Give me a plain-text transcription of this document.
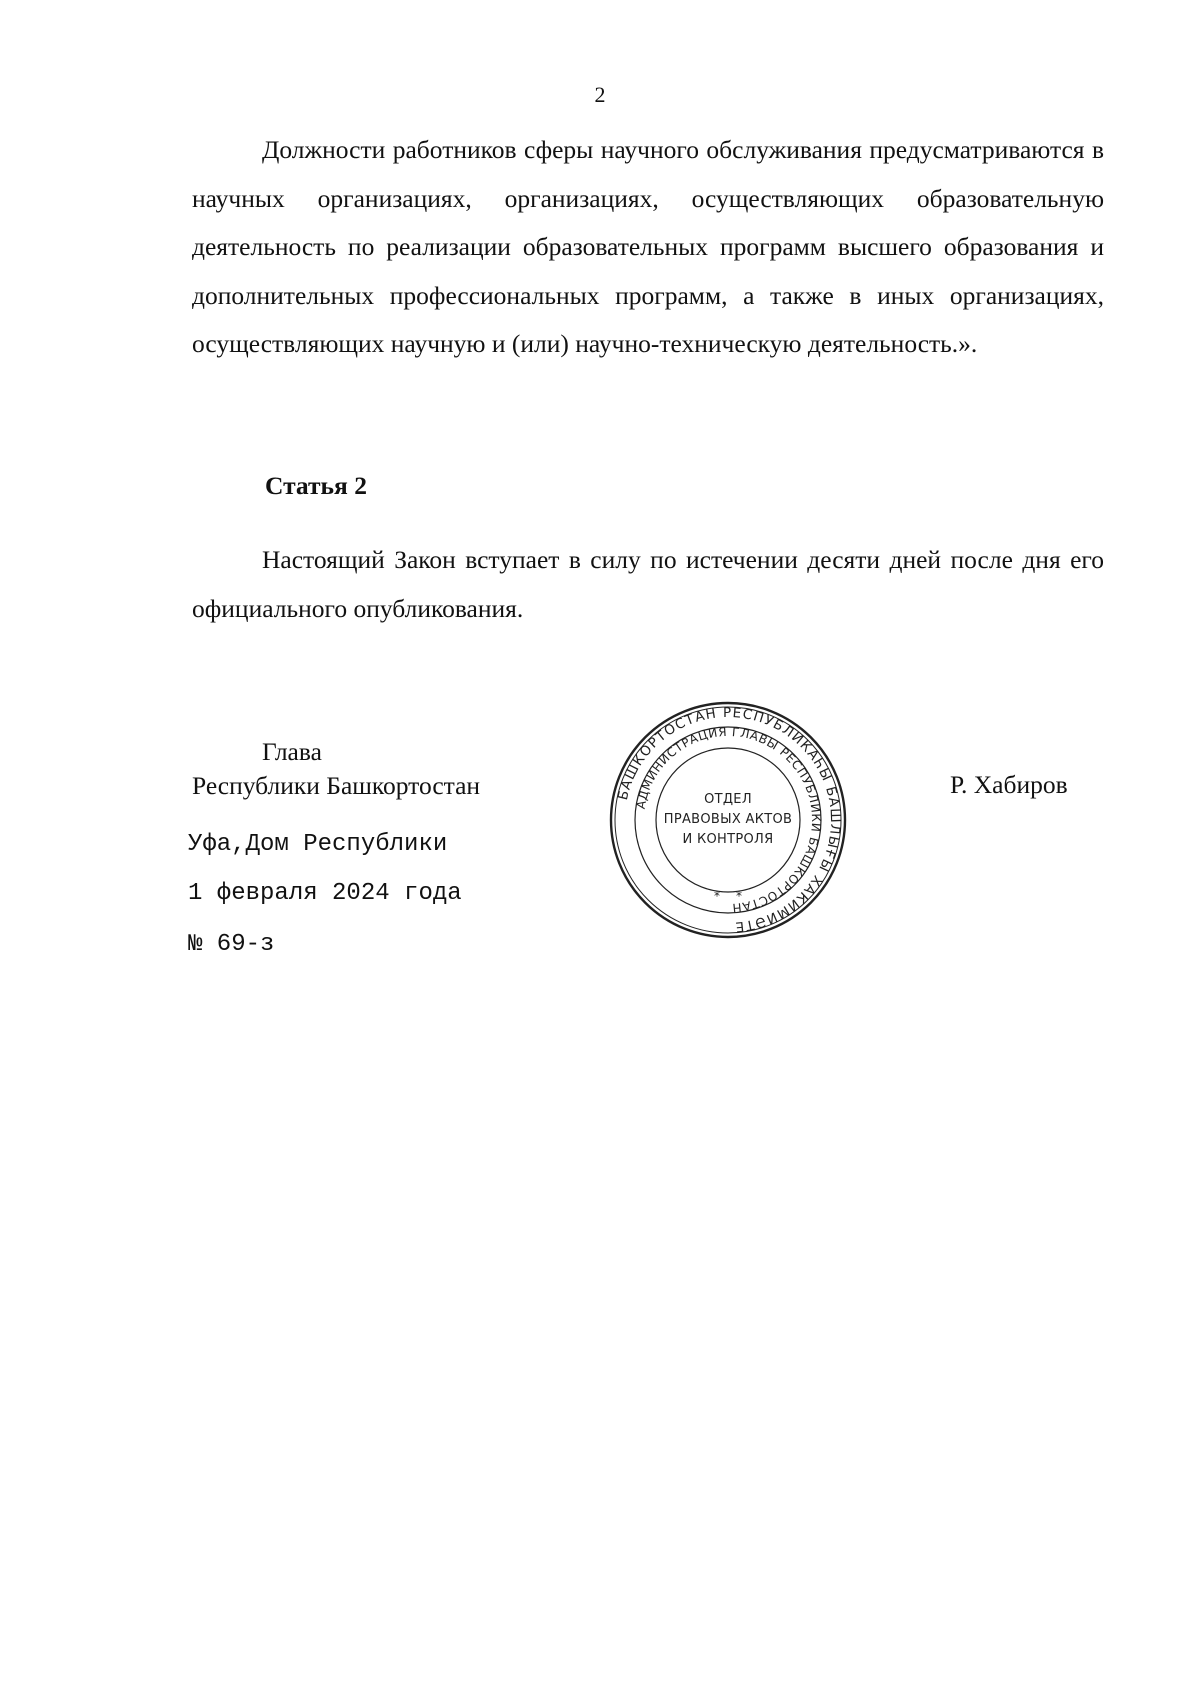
2

Должности работников сферы научного обслуживания предусматриваются в научных организациях, организациях, осуществляющих образовательную деятельность по реализации образовательных программ высшего образования и дополнительных профессиональных программ, а также в иных организациях, осуществляющих научную и (или) научно-техническую деятельность.».

Статья 2

Настоящий Закон вступает в силу по истечении десяти дней после дня его официального опубликования.

Глава
Республики Башкортостан	Р. Хабиров
Уфа,Дом Республики
1 февраля 2024 года
№ 69-з
БАШКОРТОСТАН РЕСПУБЛИКАҺЫ БАШЛЫҒЫ ХАКИМИӘТЕ
АДМИНИСТРАЦИЯ ГЛАВЫ РЕСПУБЛИКИ БАШКОРТОСТАН
* *
ОТДЕЛ
ПРАВОВЫХ АКТОВ
И КОНТРОЛЯ
